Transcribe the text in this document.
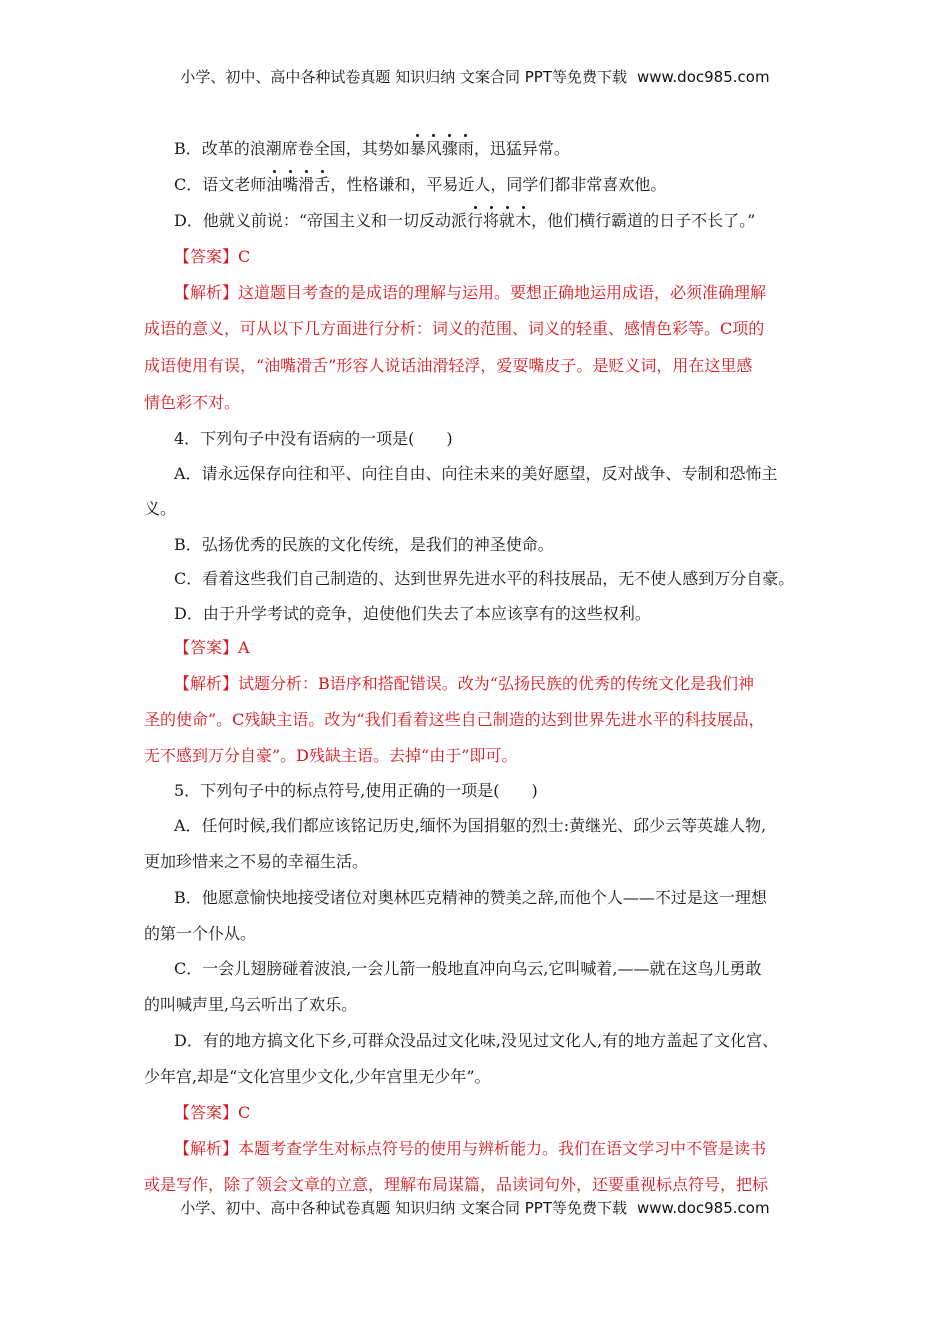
小学、初中、高中各种试卷真题 知识归纳 文案合同 PPT等免费下载 www.doc985.com
B．改革的浪潮席卷全国，其势如暴风骤雨，迅猛异常。
C．语文老师油嘴滑舌，性格谦和，平易近人，同学们都非常喜欢他。
D．他就义前说：“帝国主义和一切反动派行将就木，他们横行霸道的日子不长了。”
【答案】C
【解析】这道题目考查的是成语的理解与运用。要想正确地运用成语，必须准确理解
成语的意义，可从以下几方面进行分析：词义的范围、词义的轻重、感情色彩等。C项的
成语使用有误，“油嘴滑舌”形容人说话油滑轻浮，爱耍嘴皮子。是贬义词，用在这里感
情色彩不对。
4．下列句子中没有语病的一项是(　　)
A．请永远保存向往和平、向往自由、向往未来的美好愿望，反对战争、专制和恐怖主
义。
B．弘扬优秀的民族的文化传统，是我们的神圣使命。
C．看着这些我们自己制造的、达到世界先进水平的科技展品，无不使人感到万分自豪。
D．由于升学考试的竞争，迫使他们失去了本应该享有的这些权利。
【答案】A
【解析】试题分析：B语序和搭配错误。改为“弘扬民族的优秀的传统文化是我们神
圣的使命”。C残缺主语。改为“我们看着这些自己制造的达到世界先进水平的科技展品，
无不感到万分自豪”。D残缺主语。去掉“由于”即可。
5．下列句子中的标点符号,使用正确的一项是(　　)
A．任何时候,我们都应该铭记历史,缅怀为国捐躯的烈士:黄继光、邱少云等英雄人物,
更加珍惜来之不易的幸福生活。
B．他愿意愉快地接受诸位对奥林匹克精神的赞美之辞,而他个人——不过是这一理想
的第一个仆从。
C．一会儿翅膀碰着波浪,一会儿箭一般地直冲向乌云,它叫喊着,——就在这鸟儿勇敢
的叫喊声里,乌云听出了欢乐。
D．有的地方搞文化下乡,可群众没品过文化味,没见过文化人,有的地方盖起了文化宫、
少年宫,却是“文化宫里少文化,少年宫里无少年”。
【答案】C
【解析】本题考查学生对标点符号的使用与辨析能力。我们在语文学习中不管是读书
或是写作，除了领会文章的立意，理解布局谋篇，品读词句外，还要重视标点符号，把标
小学、初中、高中各种试卷真题 知识归纳 文案合同 PPT等免费下载 www.doc985.com
